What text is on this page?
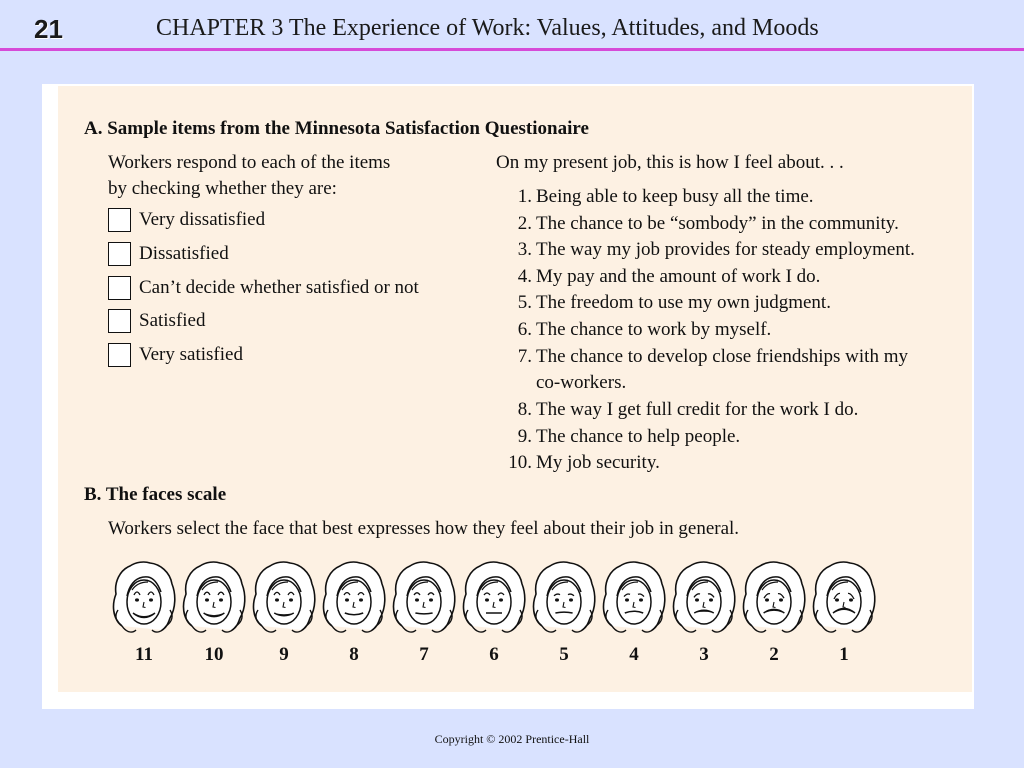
21	CHAPTER 3 The Experience of Work: Values, Attitudes, and Moods
A. Sample items from the Minnesota Satisfaction Questionaire
Workers respond to each of the items
by checking whether they are:
Very dissatisfied
Dissatisfied
Can’t decide whether satisfied or not
Satisfied
Very satisfied
On my present job, this is how I feel about. . .
1. Being able to keep busy all the time.
2. The chance to be “sombody” in the community.
3. The way my job provides for steady employment.
4. My pay and the amount of work I do.
5. The freedom to use my own judgment.
6. The chance to work by myself.
7. The chance to develop close friendships with my
co-workers.
8. The way I get full credit for the work I do.
9. The chance to help people.
10. My job security.
B. The faces scale
Workers select the face that best expresses how they feel about their job in general.
11	10	9	8	7	6	5	4	3	2	1
Copyright © 2002 Prentice-Hall
